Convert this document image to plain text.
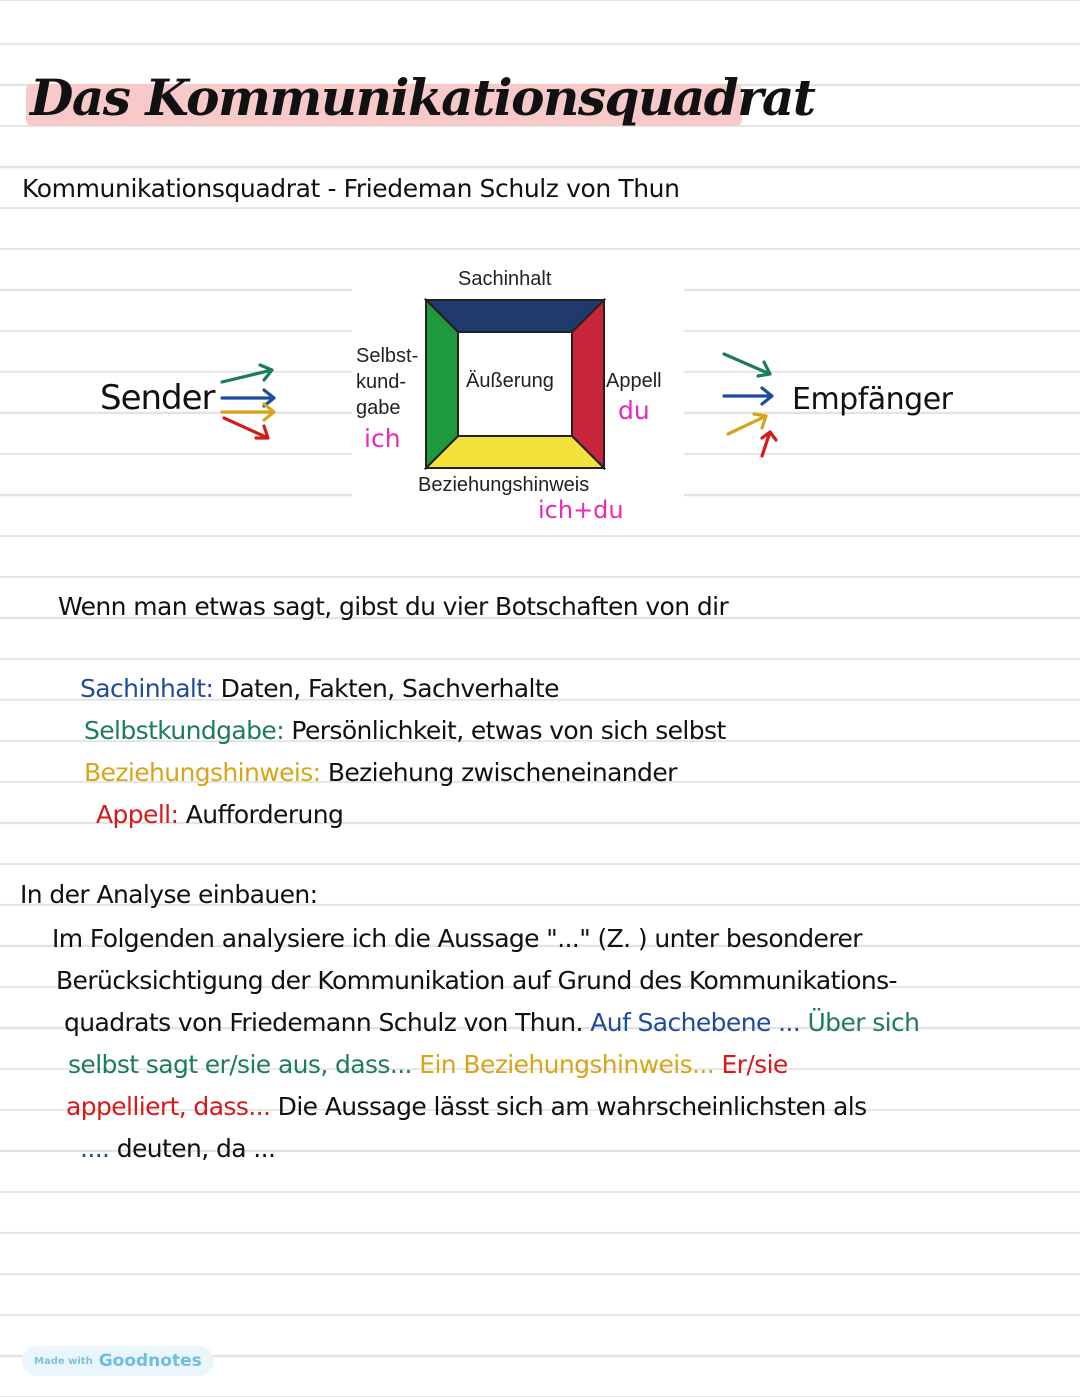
Das Kommunikationsquadrat
Kommunikationsquadrat - Friedeman Schulz von Thun
Sender
Sachinhalt
Äußerung
Selbst-
kund-
gabe
Appell
Beziehungshinweis
ich
du
ich+du
Empfänger
Wenn man etwas sagt, gibst du vier Botschaften von dir
Sachinhalt: Daten, Fakten, Sachverhalte
Selbstkundgabe: Persönlichkeit, etwas von sich selbst
Beziehungshinweis: Beziehung zwischeneinander
Appell: Aufforderung
In der Analyse einbauen:
Im Folgenden analysiere ich die Aussage "..." (Z. ) unter besonderer
Berücksichtigung der Kommunikation auf Grund des Kommunikations-
quadrats von Friedemann Schulz von Thun. Auf Sachebene ... Über sich
selbst sagt er/sie aus, dass... Ein Beziehungshinweis... Er/sie
appelliert, dass... Die Aussage lässt sich am wahrscheinlichsten als
.... deuten, da ...
Made with Goodnotes
